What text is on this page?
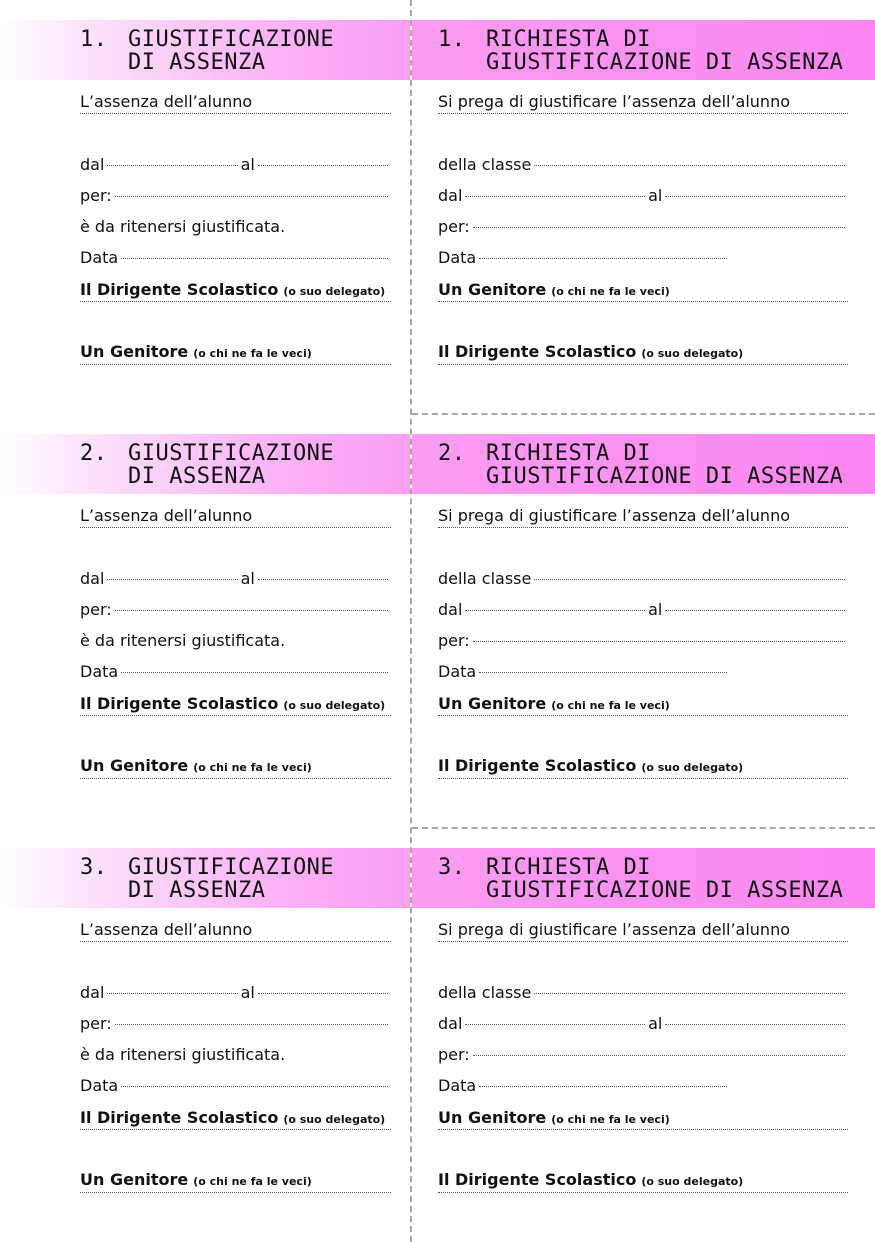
1. GIUSTIFICAZIONE
DI ASSENZA
1. RICHIESTA DI
GIUSTIFICAZIONE DI ASSENZA
L’assenza dell’alunno
dal	al
per:
è da ritenersi giustificata.
Data
Il Dirigente Scolastico (o suo delegato)
Un Genitore (o chi ne fa le veci)
Si prega di giustificare l’assenza dell’alunno
della classe
dal	al
per:
Data
Un Genitore (o chi ne fa le veci)
Il Dirigente Scolastico (o suo delegato)
2. GIUSTIFICAZIONE
DI ASSENZA
2. RICHIESTA DI
GIUSTIFICAZIONE DI ASSENZA
L’assenza dell’alunno
dal	al
per:
è da ritenersi giustificata.
Data
Il Dirigente Scolastico (o suo delegato)
Un Genitore (o chi ne fa le veci)
Si prega di giustificare l’assenza dell’alunno
della classe
dal	al
per:
Data
Un Genitore (o chi ne fa le veci)
Il Dirigente Scolastico (o suo delegato)
3. GIUSTIFICAZIONE
DI ASSENZA
3. RICHIESTA DI
GIUSTIFICAZIONE DI ASSENZA
L’assenza dell’alunno
dal	al
per:
è da ritenersi giustificata.
Data
Il Dirigente Scolastico (o suo delegato)
Un Genitore (o chi ne fa le veci)
Si prega di giustificare l’assenza dell’alunno
della classe
dal	al
per:
Data
Un Genitore (o chi ne fa le veci)
Il Dirigente Scolastico (o suo delegato)
